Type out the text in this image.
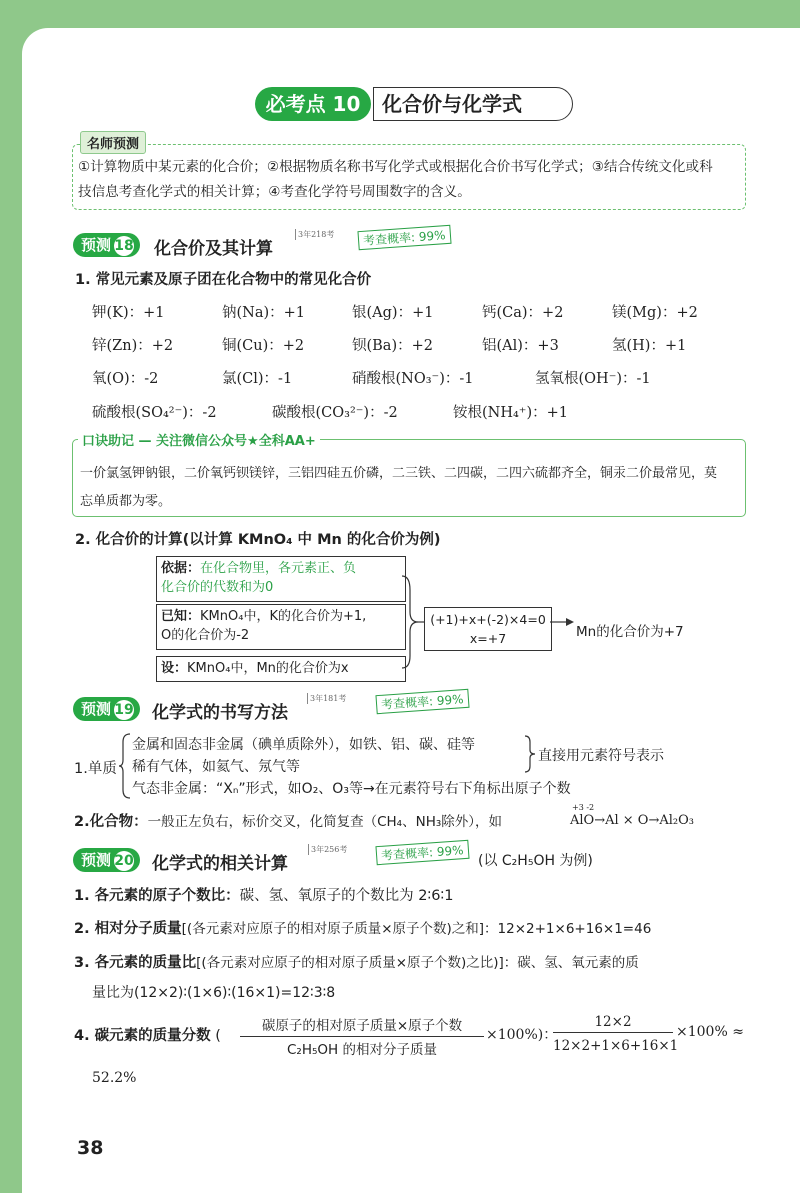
必考点 10	化合价与化学式
名师预测
①计算物质中某元素的化合价；②根据物质名称书写化学式或根据化合价书写化学式；③结合传统文化或科
技信息考查化学式的相关计算；④考查化学符号周围数字的含义。
预测 18	化合价及其计算
3年218考	考查概率: 99%
1. 常见元素及原子团在化合物中的常见化合价
钾(K)：+1	钠(Na)：+1	银(Ag)：+1	钙(Ca)：+2	镁(Mg)：+2
锌(Zn)：+2	铜(Cu)：+2	钡(Ba)：+2	铝(Al)：+3	氢(H)：+1
氧(O)：-2	氯(Cl)：-1	硝酸根(NO₃⁻)：-1	氢氧根(OH⁻)：-1
硫酸根(SO₄²⁻)：-2	碳酸根(CO₃²⁻)：-2	铵根(NH₄⁺)：+1
口诀助记 — 关注微信公众号★全科AA+
一价氯氢钾钠银，二价氧钙钡镁锌，三铝四硅五价磷，二三铁、二四碳，二四六硫都齐全，铜汞二价最常见，莫
忘单质都为零。
2. 化合价的计算(以计算 KMnO₄ 中 Mn 的化合价为例)
依据：在化合物里，各元素正、负
化合价的代数和为0
已知：KMnO₄中，K的化合价为+1,
O的化合价为-2
设：KMnO₄中，Mn的化合价为x
(+1)+x+(-2)×4=0
x=+7	Mn的化合价为+7
预测 19	化学式的书写方法
3年181考	考查概率: 99%
1.单质
金属和固态非金属（碘单质除外），如铁、铝、碳、硅等
稀有气体，如氦气、氖气等
气态非金属：“Xₙ”形式，如O₂、O₃等→在元素符号右下角标出原子个数
直接用元素符号表示
2.化合物：一般正左负右，标价交叉，化简复查（CH₄、NH₃除外），如
+3 -2
AlO→Al ⨯ O→Al₂O₃
预测 20	化学式的相关计算
3年256考	考查概率: 99%	(以 C₂H₅OH 为例)
1. 各元素的原子个数比：碳、氢、氧原子的个数比为 2∶6∶1
2. 相对分子质量[(各元素对应原子的相对原子质量×原子个数)之和]：12×2+1×6+16×1=46
3. 各元素的质量比[(各元素对应原子的相对原子质量×原子个数)之比)]：碳、氢、氧元素的质
量比为(12×2)∶(1×6)∶(16×1)=12∶3∶8
4. 碳元素的质量分数 (
碳原子的相对原子质量×原子个数
C₂H₅OH 的相对分子质量
×100%)：
12×2
12×2+1×6+16×1
×100% ≈
52.2%
38
